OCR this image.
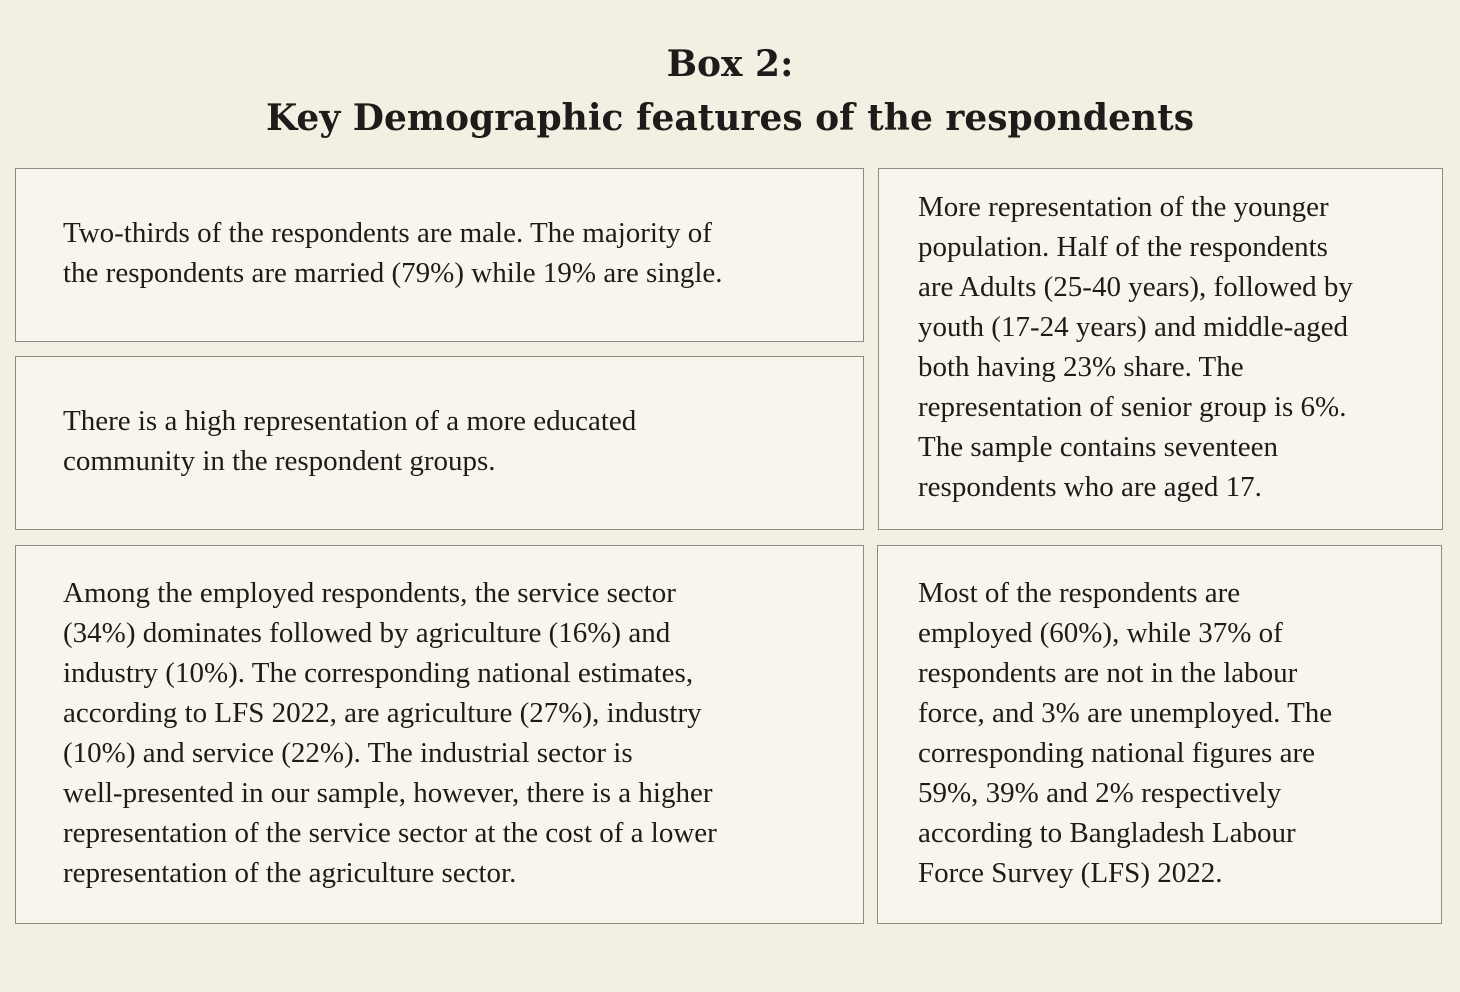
Box 2:
Key Demographic features of the respondents

Two-thirds of the respondents are male. The majority of
the respondents are married (79%) while 19% are single.

There is a high representation of a more educated
community in the respondent groups.

More representation of the younger
population. Half of the respondents
are Adults (25-40 years), followed by
youth (17-24 years) and middle-aged
both having 23% share. The
representation of senior group is 6%.
The sample contains seventeen
respondents who are aged 17.

Among the employed respondents, the service sector
(34%) dominates followed by agriculture (16%) and
industry (10%). The corresponding national estimates,
according to LFS 2022, are agriculture (27%), industry
(10%) and service (22%). The industrial sector is
well-presented in our sample, however, there is a higher
representation of the service sector at the cost of a lower
representation of the agriculture sector.

Most of the respondents are
employed (60%), while 37% of
respondents are not in the labour
force, and 3% are unemployed. The
corresponding national figures are
59%, 39% and 2% respectively
according to Bangladesh Labour
Force Survey (LFS) 2022.
